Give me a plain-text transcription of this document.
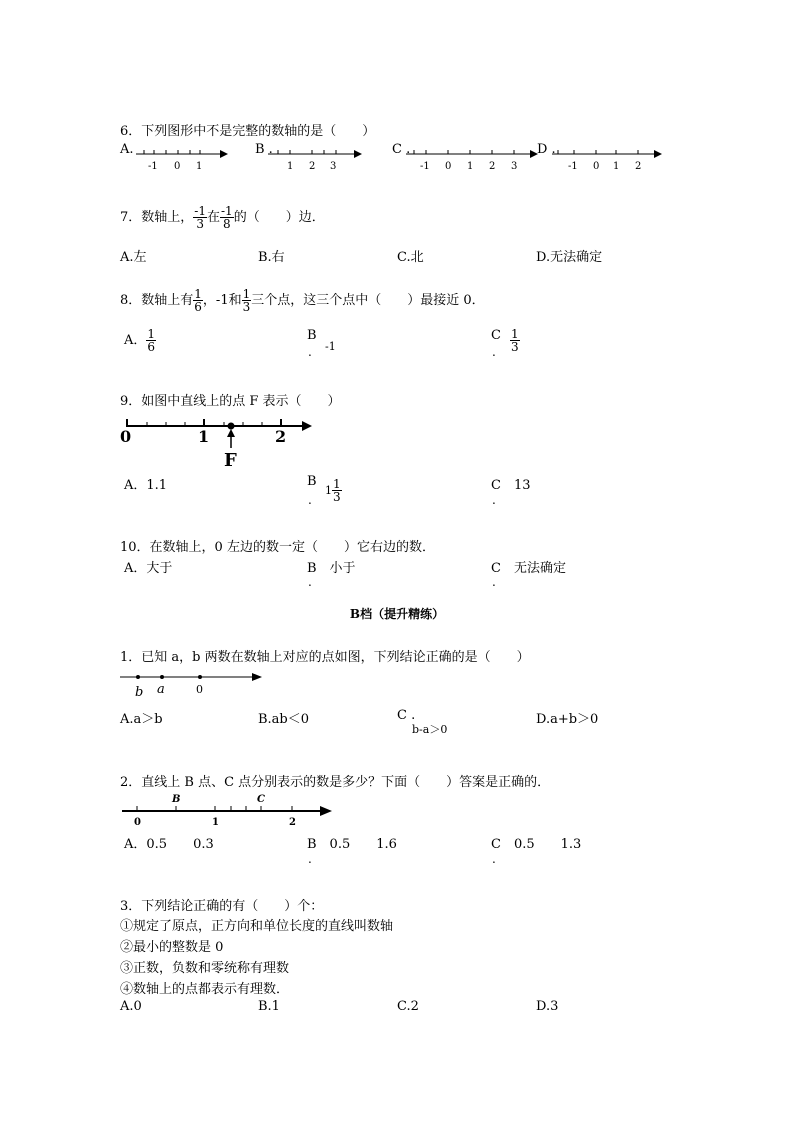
6．下列图形中不是完整的数轴的是（　　）
A.
-1 0 1
B .
1 2 3
C .
-1 0 1 2 3
D .
-1 0 1 2
7．数轴上， $\frac{-1}{3}$ 在 $\frac{-1}{8}$ 的（　　）边．
A.左	B.右	C.北	D.无法确定
8．数轴上有 $\frac{1}{6}$ ，-1和 $\frac{1}{3}$ 三个点，这三个点中（　　）最接近 0．
A． $\frac{1}{6}$	B
-1
.
C $\frac{1}{3}$
.
9．如图中直线上的点 F 表示（　　）
0	1	2
F
A．1.1	B
$1 \frac{1}{3}$
.
C　 13
.
10．在数轴上，0 左边的数一定（　　）它右边的数．
A．大于	B　小于
.
C　无法确定
.
B档（提升精练）
1．已知 a，b 两数在数轴上对应的点如图，下列结论正确的是（　　）
b a	0
A.a＞b	B.ab＜0	C .
b-a＞0
D.a+b＞0
2．直线上 B 点、C 点分别表示的数是多少？下面（　　）答案是正确的．
B	C
0	1	2
A．0.5　　0.3	B　0.5　　1.6
.
C　0.5　　1.3
.
3．下列结论正确的有（　　）个：
①规定了原点，正方向和单位长度的直线叫数轴
②最小的整数是 0
③正数，负数和零统称有理数
④数轴上的点都表示有理数．
A.0	B.1	C.2	D.3
